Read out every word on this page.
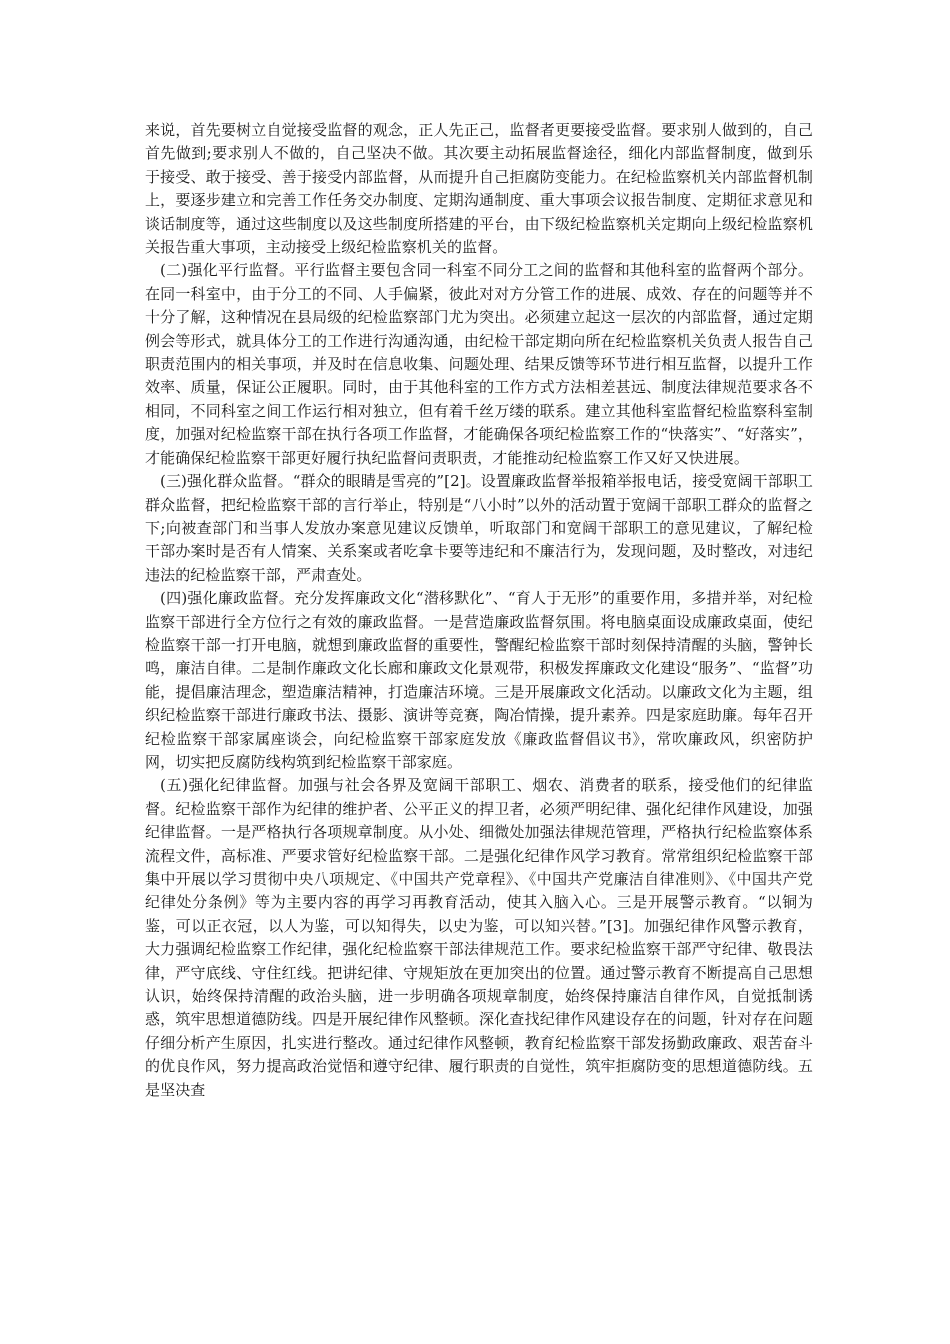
来说，首先要树立自觉接受监督的观念，正人先正己，监督者更要接受监督。要求别人做到的，自己首先做到;要求别人不做的，自己坚决不做。其次要主动拓展监督途径，细化内部监督制度，做到乐于接受、敢于接受、善于接受内部监督，从而提升自己拒腐防变能力。在纪检监察机关内部监督机制上，要逐步建立和完善工作任务交办制度、定期沟通制度、重大事项会议报告制度、定期征求意见和谈话制度等，通过这些制度以及这些制度所搭建的平台，由下级纪检监察机关定期向上级纪检监察机关报告重大事项，主动接受上级纪检监察机关的监督。

(二)强化平行监督。平行监督主要包含同一科室不同分工之间的监督和其他科室的监督两个部分。在同一科室中，由于分工的不同、人手偏紧，彼此对对方分管工作的进展、成效、存在的问题等并不十分了解，这种情况在县局级的纪检监察部门尤为突出。必须建立起这一层次的内部监督，通过定期例会等形式，就具体分工的工作进行沟通沟通，由纪检干部定期向所在纪检监察机关负责人报告自己职责范围内的相关事项，并及时在信息收集、问题处理、结果反馈等环节进行相互监督，以提升工作效率、质量，保证公正履职。同时，由于其他科室的工作方式方法相差甚远、制度法律规范要求各不相同，不同科室之间工作运行相对独立，但有着千丝万缕的联系。建立其他科室监督纪检监察科室制度，加强对纪检监察干部在执行各项工作监督，才能确保各项纪检监察工作的“快落实”、“好落实”，才能确保纪检监察干部更好履行执纪监督问责职责，才能推动纪检监察工作又好又快进展。

(三)强化群众监督。“群众的眼睛是雪亮的”[2]。设置廉政监督举报箱举报电话，接受宽阔干部职工群众监督，把纪检监察干部的言行举止，特别是“八小时”以外的活动置于宽阔干部职工群众的监督之下;向被查部门和当事人发放办案意见建议反馈单，听取部门和宽阔干部职工的意见建议，了解纪检干部办案时是否有人情案、关系案或者吃拿卡要等违纪和不廉洁行为，发现问题，及时整改，对违纪违法的纪检监察干部，严肃查处。

(四)强化廉政监督。充分发挥廉政文化“潜移默化”、“育人于无形”的重要作用，多措并举，对纪检监察干部进行全方位行之有效的廉政监督。一是营造廉政监督氛围。将电脑桌面设成廉政桌面，使纪检监察干部一打开电脑，就想到廉政监督的重要性，警醒纪检监察干部时刻保持清醒的头脑，警钟长鸣，廉洁自律。二是制作廉政文化长廊和廉政文化景观带，积极发挥廉政文化建设“服务”、“监督”功能，提倡廉洁理念，塑造廉洁精神，打造廉洁环境。三是开展廉政文化活动。以廉政文化为主题，组织纪检监察干部进行廉政书法、摄影、演讲等竞赛，陶冶情操，提升素养。四是家庭助廉。每年召开纪检监察干部家属座谈会，向纪检监察干部家庭发放《廉政监督倡议书》，常吹廉政风，织密防护网，切实把反腐防线构筑到纪检监察干部家庭。

(五)强化纪律监督。加强与社会各界及宽阔干部职工、烟农、消费者的联系，接受他们的纪律监督。纪检监察干部作为纪律的维护者、公平正义的捍卫者，必须严明纪律、强化纪律作风建设，加强纪律监督。一是严格执行各项规章制度。从小处、细微处加强法律规范管理，严格执行纪检监察体系流程文件，高标准、严要求管好纪检监察干部。二是强化纪律作风学习教育。常常组织纪检监察干部集中开展以学习贯彻中央八项规定、《中国共产党章程》、《中国共产党廉洁自律准则》、《中国共产党纪律处分条例》等为主要内容的再学习再教育活动，使其入脑入心。三是开展警示教育。“以铜为鉴，可以正衣冠，以人为鉴，可以知得失，以史为鉴，可以知兴替。”[3]。加强纪律作风警示教育，大力强调纪检监察工作纪律，强化纪检监察干部法律规范工作。要求纪检监察干部严守纪律、敬畏法律，严守底线、守住红线。把讲纪律、守规矩放在更加突出的位置。通过警示教育不断提高自己思想认识，始终保持清醒的政治头脑，进一步明确各项规章制度，始终保持廉洁自律作风，自觉抵制诱惑，筑牢思想道德防线。四是开展纪律作风整顿。深化查找纪律作风建设存在的问题，针对存在问题仔细分析产生原因，扎实进行整改。通过纪律作风整顿，教育纪检监察干部发扬勤政廉政、艰苦奋斗的优良作风，努力提高政治觉悟和遵守纪律、履行职责的自觉性，筑牢拒腐防变的思想道德防线。五是坚决查
